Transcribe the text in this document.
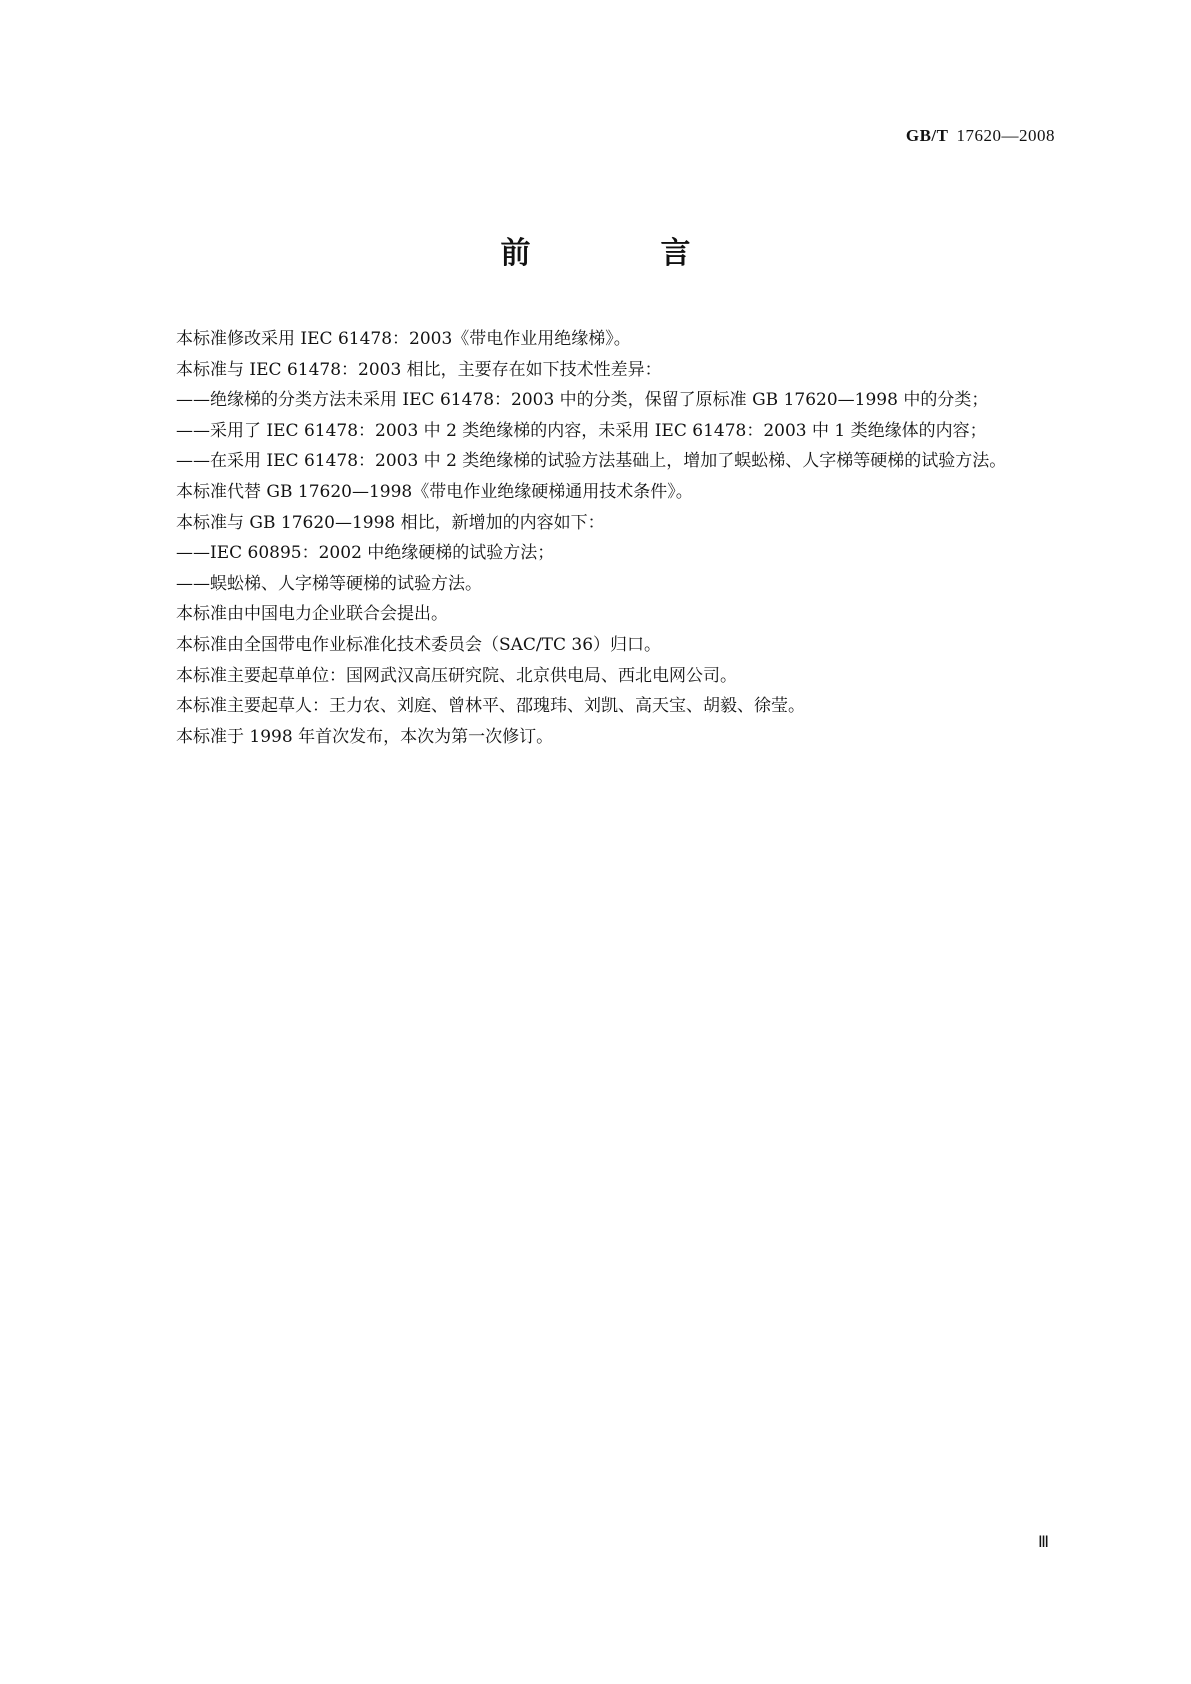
GB/T 17620—2008
前　言

本标准修改采用 IEC 61478：2003《带电作业用绝缘梯》。

本标准与 IEC 61478：2003 相比，主要存在如下技术性差异：

——绝缘梯的分类方法未采用 IEC 61478：2003 中的分类，保留了原标准 GB 17620—1998 中的分类；

——采用了 IEC 61478：2003 中 2 类绝缘梯的内容，未采用 IEC 61478：2003 中 1 类绝缘体的内容；

——在采用 IEC 61478：2003 中 2 类绝缘梯的试验方法基础上，增加了蜈蚣梯、人字梯等硬梯的试验方法。

本标准代替 GB 17620—1998《带电作业绝缘硬梯通用技术条件》。

本标准与 GB 17620—1998 相比，新增加的内容如下：

——IEC 60895：2002 中绝缘硬梯的试验方法；

——蜈蚣梯、人字梯等硬梯的试验方法。

本标准由中国电力企业联合会提出。

本标准由全国带电作业标准化技术委员会（SAC/TC 36）归口。

本标准主要起草单位：国网武汉高压研究院、北京供电局、西北电网公司。

本标准主要起草人：王力农、刘庭、曾林平、邵瑰玮、刘凯、高天宝、胡毅、徐莹。

本标准于 1998 年首次发布，本次为第一次修订。

Ⅲ
